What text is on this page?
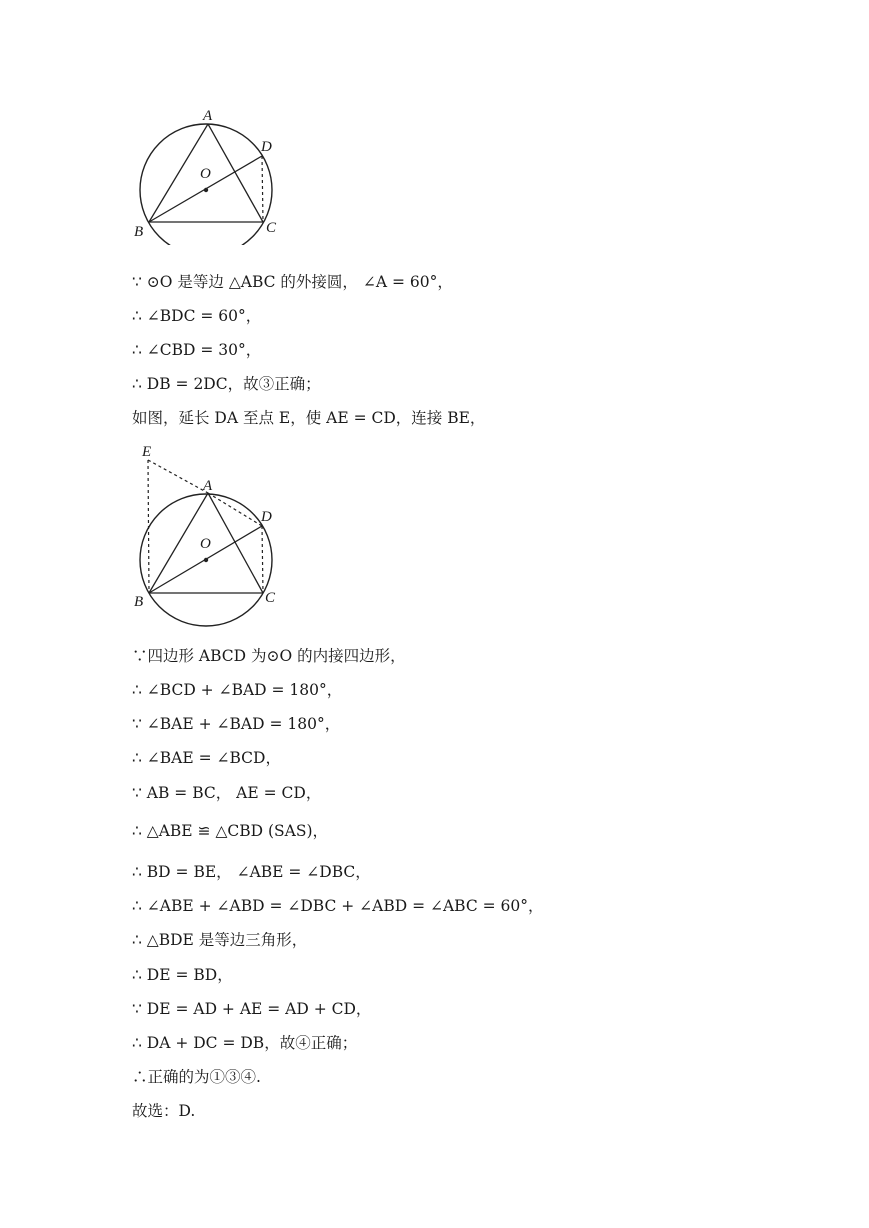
A
B	C
D
O
∵ ⊙O 是等边 △ABC 的外接圆， ∠A = 60°，
∴ ∠BDC = 60°，
∴ ∠CBD = 30°，
∴ DB = 2DC，故③正确；
如图，延长 DA 至点 E，使 AE = CD，连接 BE，
E
A
B	C
D
O
∵四边形 ABCD 为⊙O 的内接四边形，
∴ ∠BCD + ∠BAD = 180°，
∵ ∠BAE + ∠BAD = 180°，
∴ ∠BAE = ∠BCD，
∵ AB = BC， AE = CD，
∴ △ABE ≌ △CBD (SAS)，
∴ BD = BE， ∠ABE = ∠DBC，
∴ ∠ABE + ∠ABD = ∠DBC + ∠ABD = ∠ABC = 60°，
∴ △BDE 是等边三角形，
∴ DE = BD，
∵ DE = AD + AE = AD + CD，
∴ DA + DC = DB，故④正确；
∴正确的为①③④.
故选：D.
